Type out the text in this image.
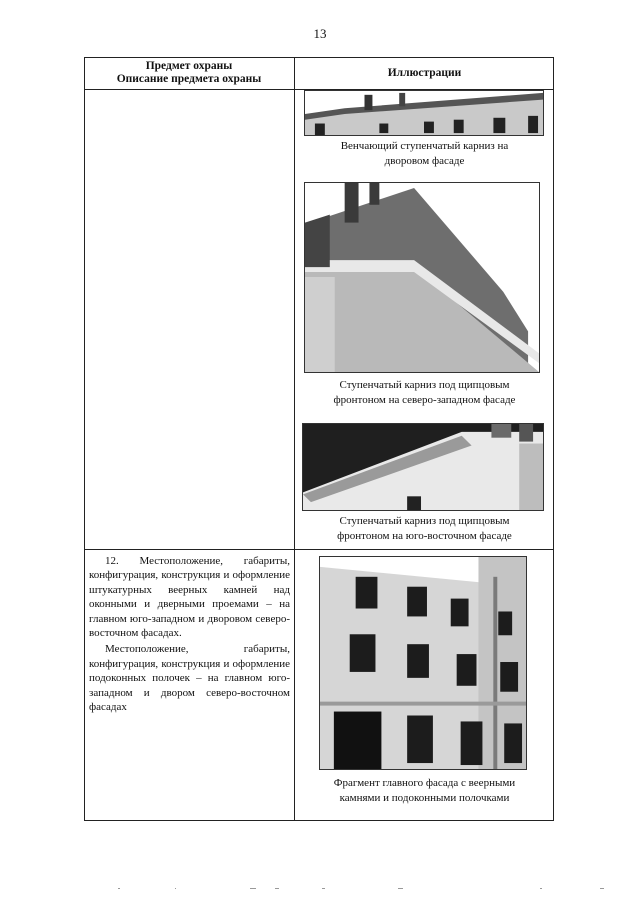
13
Предмет охраны
Описание предмета охраны
Иллюстрации
Венчающий ступенчатый карниз на
дворовом фасаде
Ступенчатый карниз под щипцовым
фронтоном на северо-западном фасаде
Ступенчатый карниз под щипцовым
фронтоном на юго-восточном фасаде

12. Местоположение, габариты, конфигурация, конструкция и оформление штукатурных веерных камней над оконными и дверными проемами – на главном юго-западном и дворовом северо-восточном фасадах.

Местоположение, габариты, конфигурация, конструкция и оформление подоконных полочек – на главном юго-западном и двором северо-восточном фасадах

Фрагмент главного фасада с веерными
камнями и подоконными полочками
